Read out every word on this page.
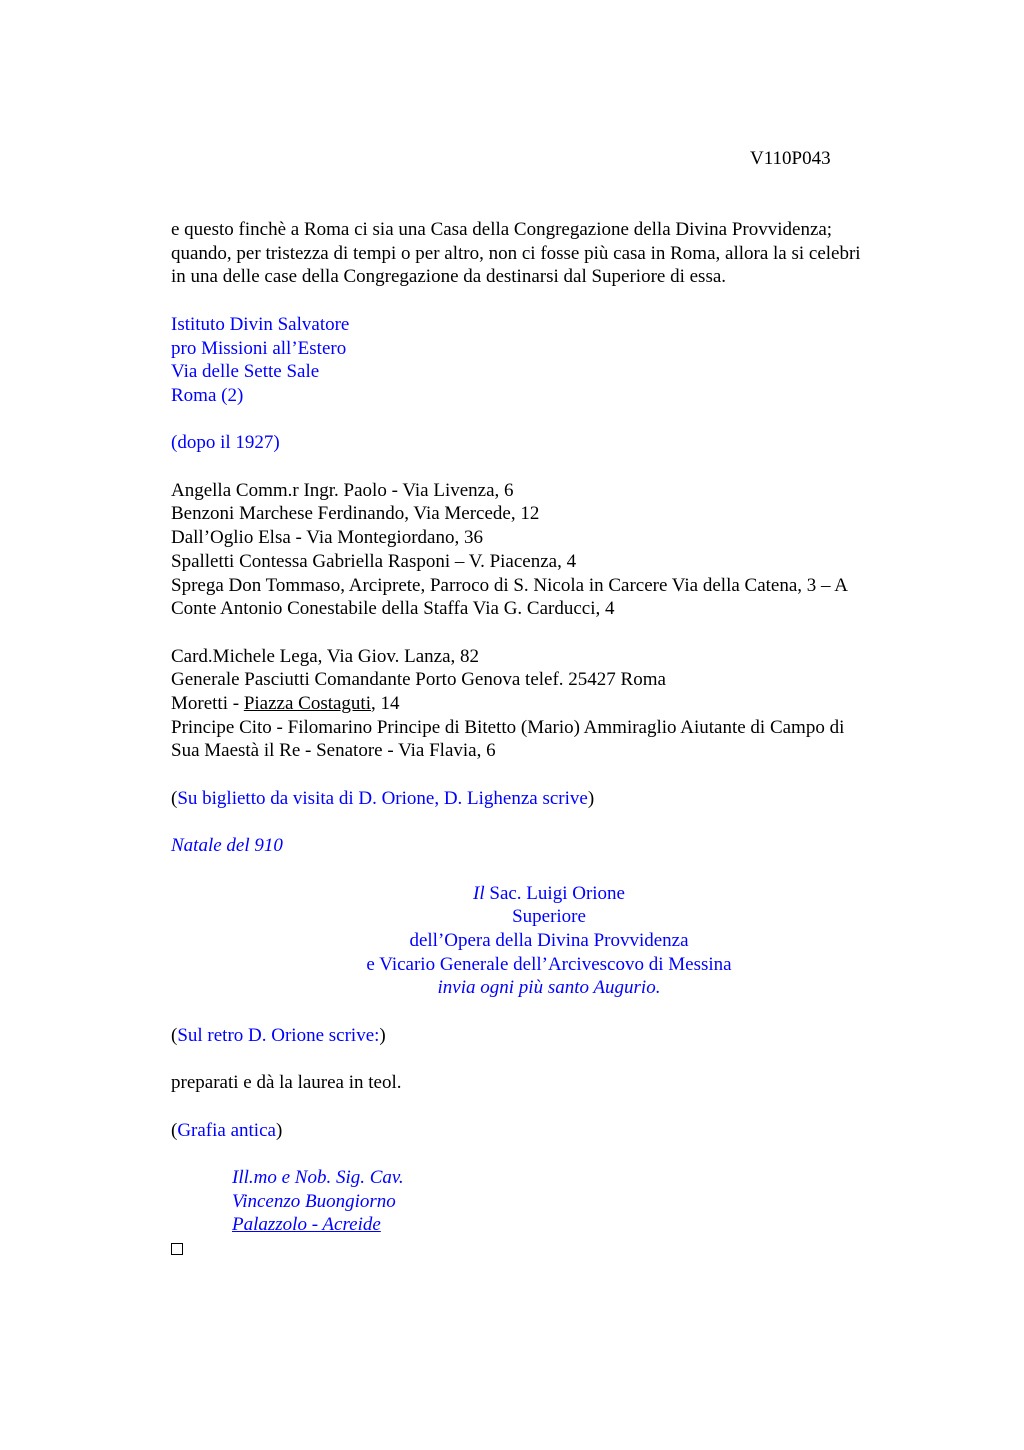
V110P043
e questo finchè a Roma ci sia una Casa della Congregazione della Divina Provvidenza;
quando, per tristezza di tempi o per altro, non ci fosse più casa in Roma, allora la si celebri
in una delle case della Congregazione da destinarsi dal Superiore di essa.
Istituto Divin Salvatore
pro Missioni all’Estero
Via delle Sette Sale
Roma (2)
(dopo il 1927)
Angella Comm.r Ingr. Paolo - Via Livenza, 6
Benzoni Marchese Ferdinando, Via Mercede, 12
Dall’Oglio Elsa - Via Montegiordano, 36
Spalletti Contessa Gabriella Rasponi – V. Piacenza, 4
Sprega Don Tommaso, Arciprete, Parroco di S. Nicola in Carcere Via della Catena, 3 – A
Conte Antonio Conestabile della Staffa Via G. Carducci, 4
Card.Michele Lega, Via Giov. Lanza, 82
Generale Pasciutti Comandante Porto Genova telef. 25427 Roma
Moretti - Piazza Costaguti, 14
Principe Cito - Filomarino Principe di Bitetto (Mario) Ammiraglio Aiutante di Campo di
Sua Maestà il Re - Senatore - Via Flavia, 6
(Su biglietto da visita di D. Orione, D. Lighenza scrive)
Natale del 910
Il Sac. Luigi Orione
Superiore
dell’Opera della Divina Provvidenza
e Vicario Generale dell’Arcivescovo di Messina
invia ogni più santo Augurio.
(Sul retro D. Orione scrive:)
preparati e dà la laurea in teol.
(Grafia antica)
Ill.mo e Nob. Sig. Cav.
Vincenzo Buongiorno
Palazzolo - Acreide
